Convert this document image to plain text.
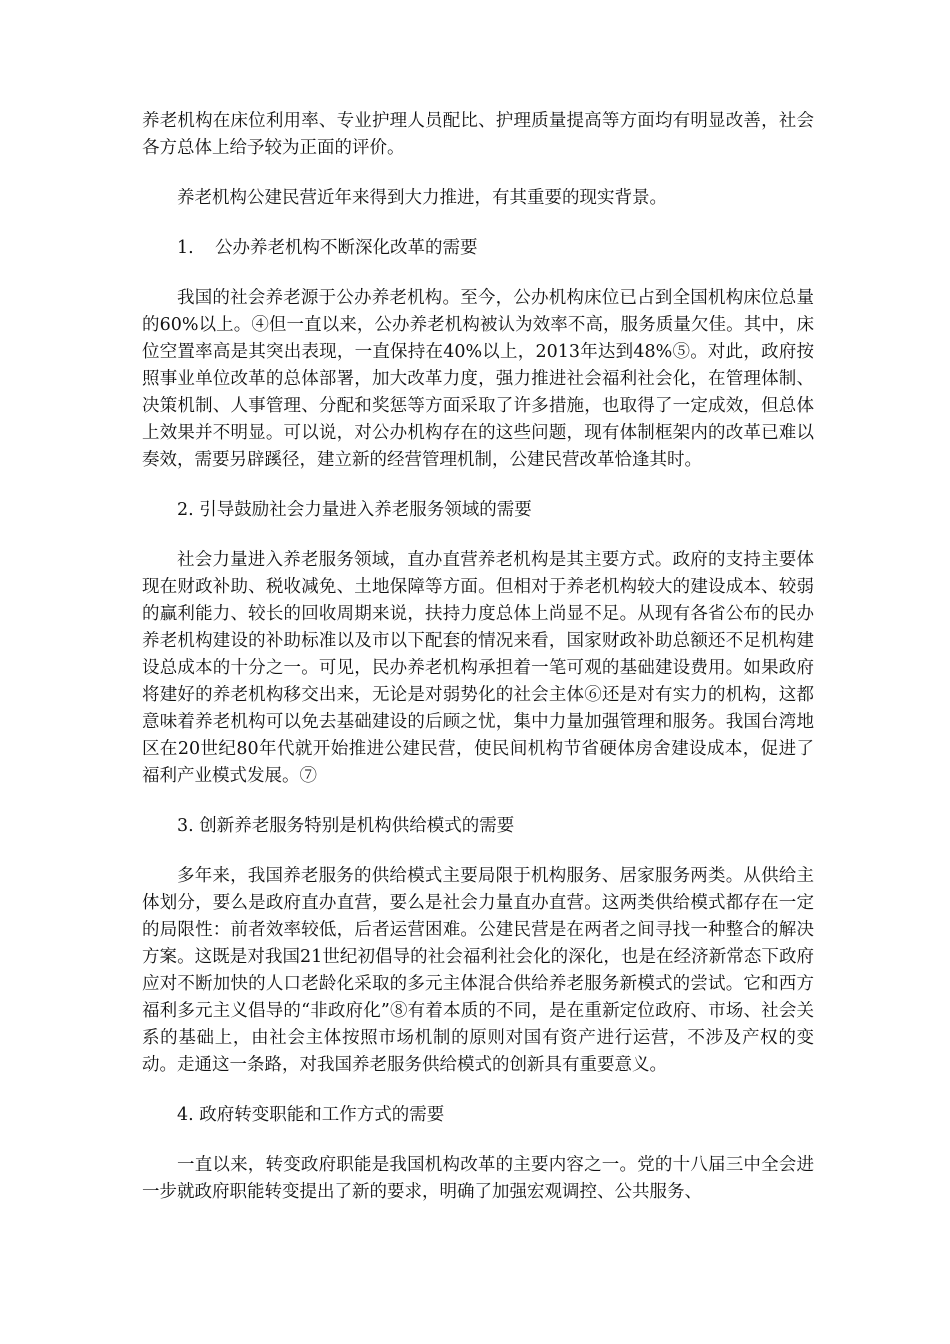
养老机构在床位利用率、专业护理人员配比、护理质量提高等方面均有明显改善，社会各方总体上给予较为正面的评价。

养老机构公建民营近年来得到大力推进，有其重要的现实背景。

1. 公办养老机构不断深化改革的需要

我国的社会养老源于公办养老机构。至今，公办机构床位已占到全国机构床位总量的60%以上。④但一直以来，公办养老机构被认为效率不高，服务质量欠佳。其中，床位空置率高是其突出表现，一直保持在40%以上，2013年达到48%⑤。对此，政府按照事业单位改革的总体部署，加大改革力度，强力推进社会福利社会化，在管理体制、决策机制、人事管理、分配和奖惩等方面采取了许多措施，也取得了一定成效，但总体上效果并不明显。可以说，对公办机构存在的这些问题，现有体制框架内的改革已难以奏效，需要另辟蹊径，建立新的经营管理机制，公建民营改革恰逢其时。

2. 引导鼓励社会力量进入养老服务领域的需要

社会力量进入养老服务领域，直办直营养老机构是其主要方式。政府的支持主要体现在财政补助、税收减免、土地保障等方面。但相对于养老机构较大的建设成本、较弱的赢利能力、较长的回收周期来说，扶持力度总体上尚显不足。从现有各省公布的民办养老机构建设的补助标准以及市以下配套的情况来看，国家财政补助总额还不足机构建设总成本的十分之一。可见，民办养老机构承担着一笔可观的基础建设费用。如果政府将建好的养老机构移交出来，无论是对弱势化的社会主体⑥还是对有实力的机构，这都意味着养老机构可以免去基础建设的后顾之忧，集中力量加强管理和服务。我国台湾地区在20世纪80年代就开始推进公建民营，使民间机构节省硬体房舍建设成本，促进了福利产业模式发展。⑦

3. 创新养老服务特别是机构供给模式的需要

多年来，我国养老服务的供给模式主要局限于机构服务、居家服务两类。从供给主体划分，要么是政府直办直营，要么是社会力量直办直营。这两类供给模式都存在一定的局限性：前者效率较低，后者运营困难。公建民营是在两者之间寻找一种整合的解决方案。这既是对我国21世纪初倡导的社会福利社会化的深化，也是在经济新常态下政府应对不断加快的人口老龄化采取的多元主体混合供给养老服务新模式的尝试。它和西方福利多元主义倡导的“非政府化”⑧有着本质的不同，是在重新定位政府、市场、社会关系的基础上，由社会主体按照市场机制的原则对国有资产进行运营，不涉及产权的变动。走通这一条路，对我国养老服务供给模式的创新具有重要意义。

4. 政府转变职能和工作方式的需要

一直以来，转变政府职能是我国机构改革的主要内容之一。党的十八届三中全会进一步就政府职能转变提出了新的要求，明确了加强宏观调控、公共服务、
